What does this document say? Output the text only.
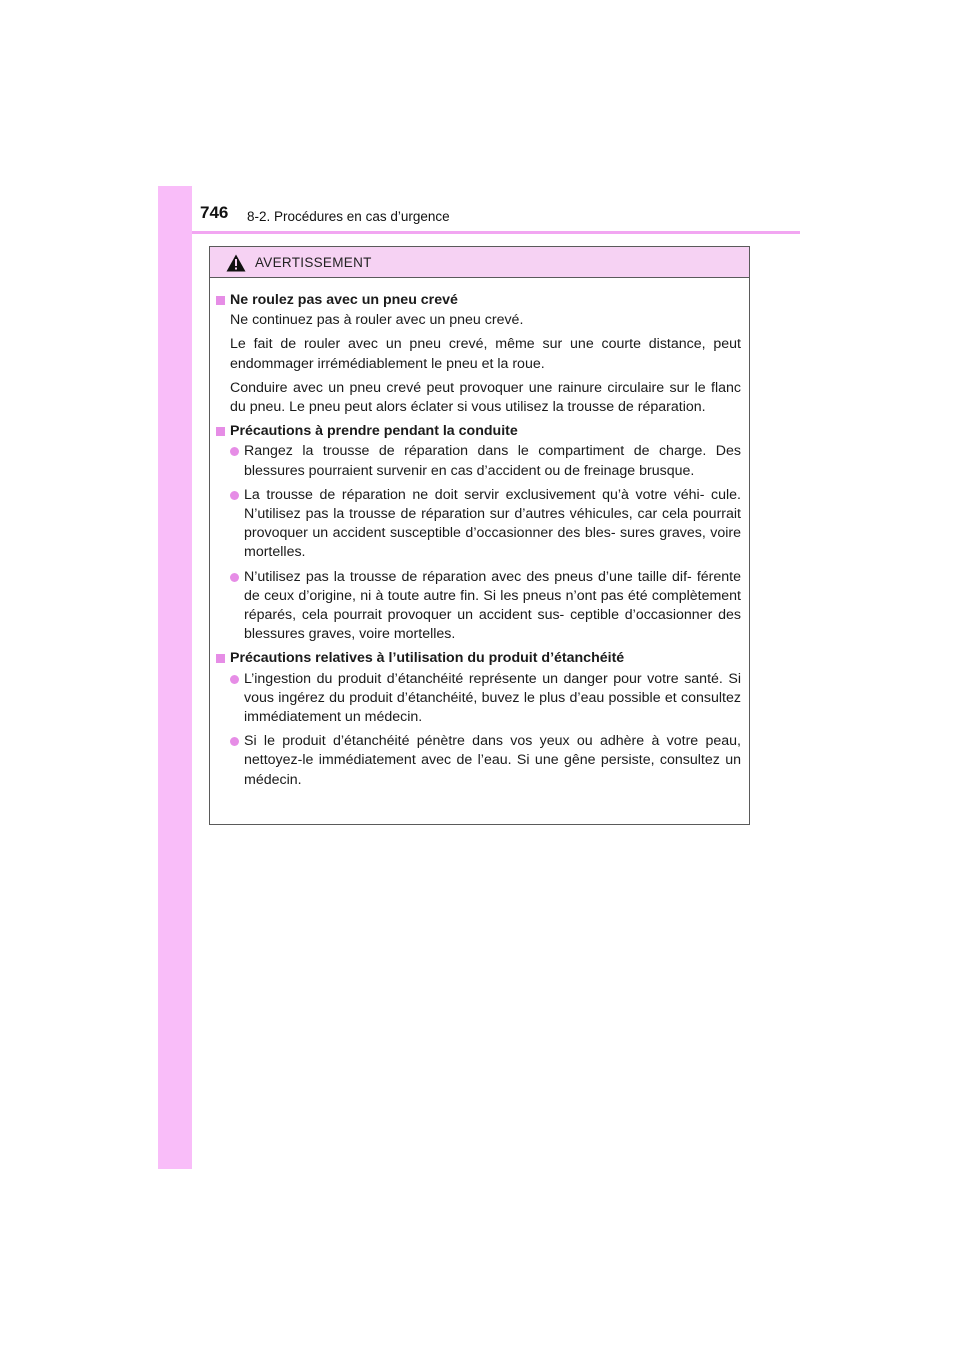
746 8-2. Procédures en cas d’urgence
AVERTISSEMENT
Ne roulez pas avec un pneu crevé

Ne continuez pas à rouler avec un pneu crevé.

Le fait de rouler avec un pneu crevé, même sur une courte distance, peut endommager irrémédiablement le pneu et la roue.

Conduire avec un pneu crevé peut provoquer une rainure circulaire sur le flanc du pneu. Le pneu peut alors éclater si vous utilisez la trousse de réparation.

Précautions à prendre pendant la conduite
Rangez la trousse de réparation dans le compartiment de charge. Des blessures pourraient survenir en cas d’accident ou de freinage brusque.
La trousse de réparation ne doit servir exclusivement qu’à votre véhi- cule. N’utilisez pas la trousse de réparation sur d’autres véhicules, car cela pourrait provoquer un accident susceptible d’occasionner des bles- sures graves, voire mortelles.
N’utilisez pas la trousse de réparation avec des pneus d’une taille dif- férente de ceux d’origine, ni à toute autre fin. Si les pneus n’ont pas été complètement réparés, cela pourrait provoquer un accident sus- ceptible d’occasionner des blessures graves, voire mortelles.
Précautions relatives à l’utilisation du produit d’étanchéité
L’ingestion du produit d’étanchéité représente un danger pour votre santé. Si vous ingérez du produit d’étanchéité, buvez le plus d’eau possible et consultez immédiatement un médecin.
Si le produit d’étanchéité pénètre dans vos yeux ou adhère à votre peau, nettoyez-le immédiatement avec de l’eau. Si une gêne persiste, consultez un médecin.
